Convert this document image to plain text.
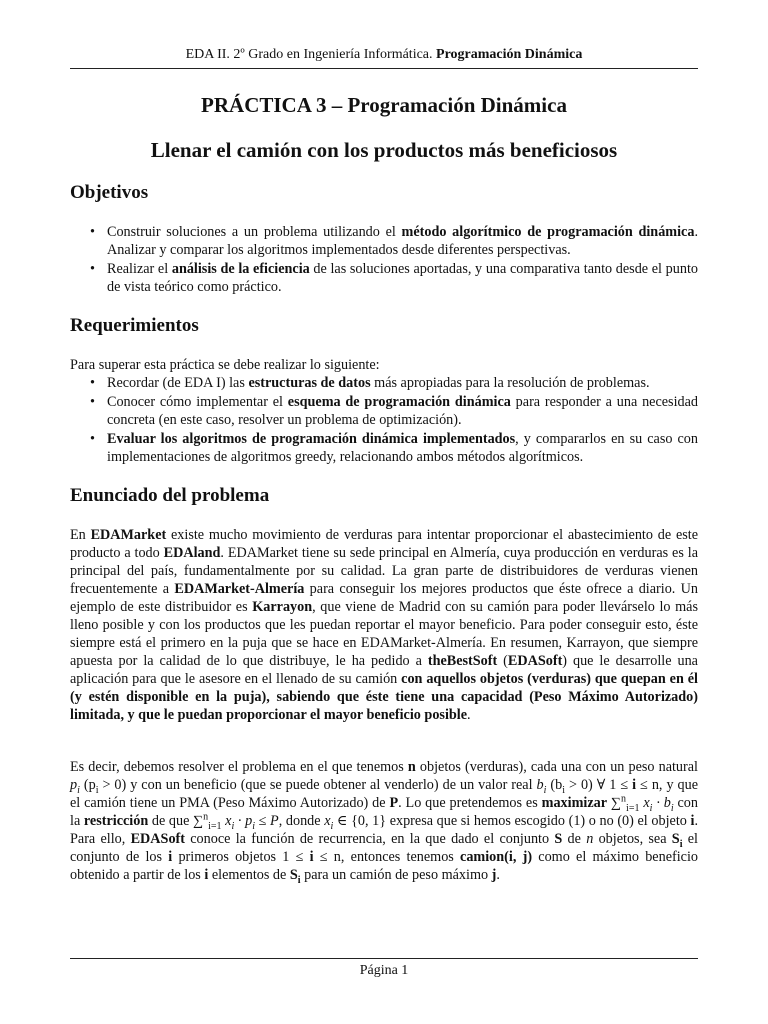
EDA II. 2º Grado en Ingeniería Informática. Programación Dinámica
PRÁCTICA 3 – Programación Dinámica
Llenar el camión con los productos más beneficiosos
Objetivos
• Construir soluciones a un problema utilizando el método algorítmico de programación dinámica. Analizar y comparar los algoritmos implementados desde diferentes perspectivas.
• Realizar el análisis de la eficiencia de las soluciones aportadas, y una comparativa tanto desde el punto de vista teórico como práctico.
Requerimientos

Para superar esta práctica se debe realizar lo siguiente:

• Recordar (de EDA I) las estructuras de datos más apropiadas para la resolución de problemas.
• Conocer cómo implementar el esquema de programación dinámica para responder a una necesidad concreta (en este caso, resolver un problema de optimización).
• Evaluar los algoritmos de programación dinámica implementados, y compararlos en su caso con implementaciones de algoritmos greedy, relacionando ambos métodos algorítmicos.
Enunciado del problema

En EDAMarket existe mucho movimiento de verduras para intentar proporcionar el abastecimiento de este producto a todo EDAland. EDAMarket tiene su sede principal en Almería, cuya producción en verduras es la principal del país, fundamentalmente por su calidad. La gran parte de distribuidores de verduras vienen frecuentemente a EDAMarket-Almería para conseguir los mejores productos que éste ofrece a diario. Un ejemplo de este distribuidor es Karrayon, que viene de Madrid con su camión para poder llevárselo lo más lleno posible y con los productos que les puedan reportar el mayor beneficio. Para poder conseguir esto, éste siempre está el primero en la puja que se hace en EDAMarket-Almería. En resumen, Karrayon, que siempre apuesta por la calidad de lo que distribuye, le ha pedido a theBestSoft (EDASoft) que le desarrolle una aplicación para que le asesore en el llenado de su camión con aquellos objetos (verduras) que quepan en él (y estén disponible en la puja), sabiendo que éste tiene una capacidad (Peso Máximo Autorizado) limitada, y que le puedan proporcionar el mayor beneficio posible.

Es decir, debemos resolver el problema en el que tenemos n objetos (verduras), cada una con un peso natural $p_i$ $(p_i > 0)$ y con un beneficio (que se puede obtener al venderlo) de un valor real $b_i$ $(b_i > 0)$ ∀ 1 ≤ i ≤ n, y que el camión tiene un PMA (Peso Máximo Autorizado) de P. Lo que pretendemos es maximizar ∑$^n_{i=1}$ $x_i \cdot b_i$ con la restricción de que ∑$^n_{i=1}$ $x_i \cdot p_i \le P$, donde $x_i$ ∈ {0, 1} expresa que si hemos escogido (1) o no (0) el objeto i. Para ello, EDASoft conoce la función de recurrencia, en la que dado el conjunto S de n objetos, sea $S_i$ el conjunto de los i primeros objetos 1 ≤ i ≤ n, entonces tenemos camion(i, j) como el máximo beneficio obtenido a partir de los i elementos de $S_i$ para un camión de peso máximo j.

Página 1
